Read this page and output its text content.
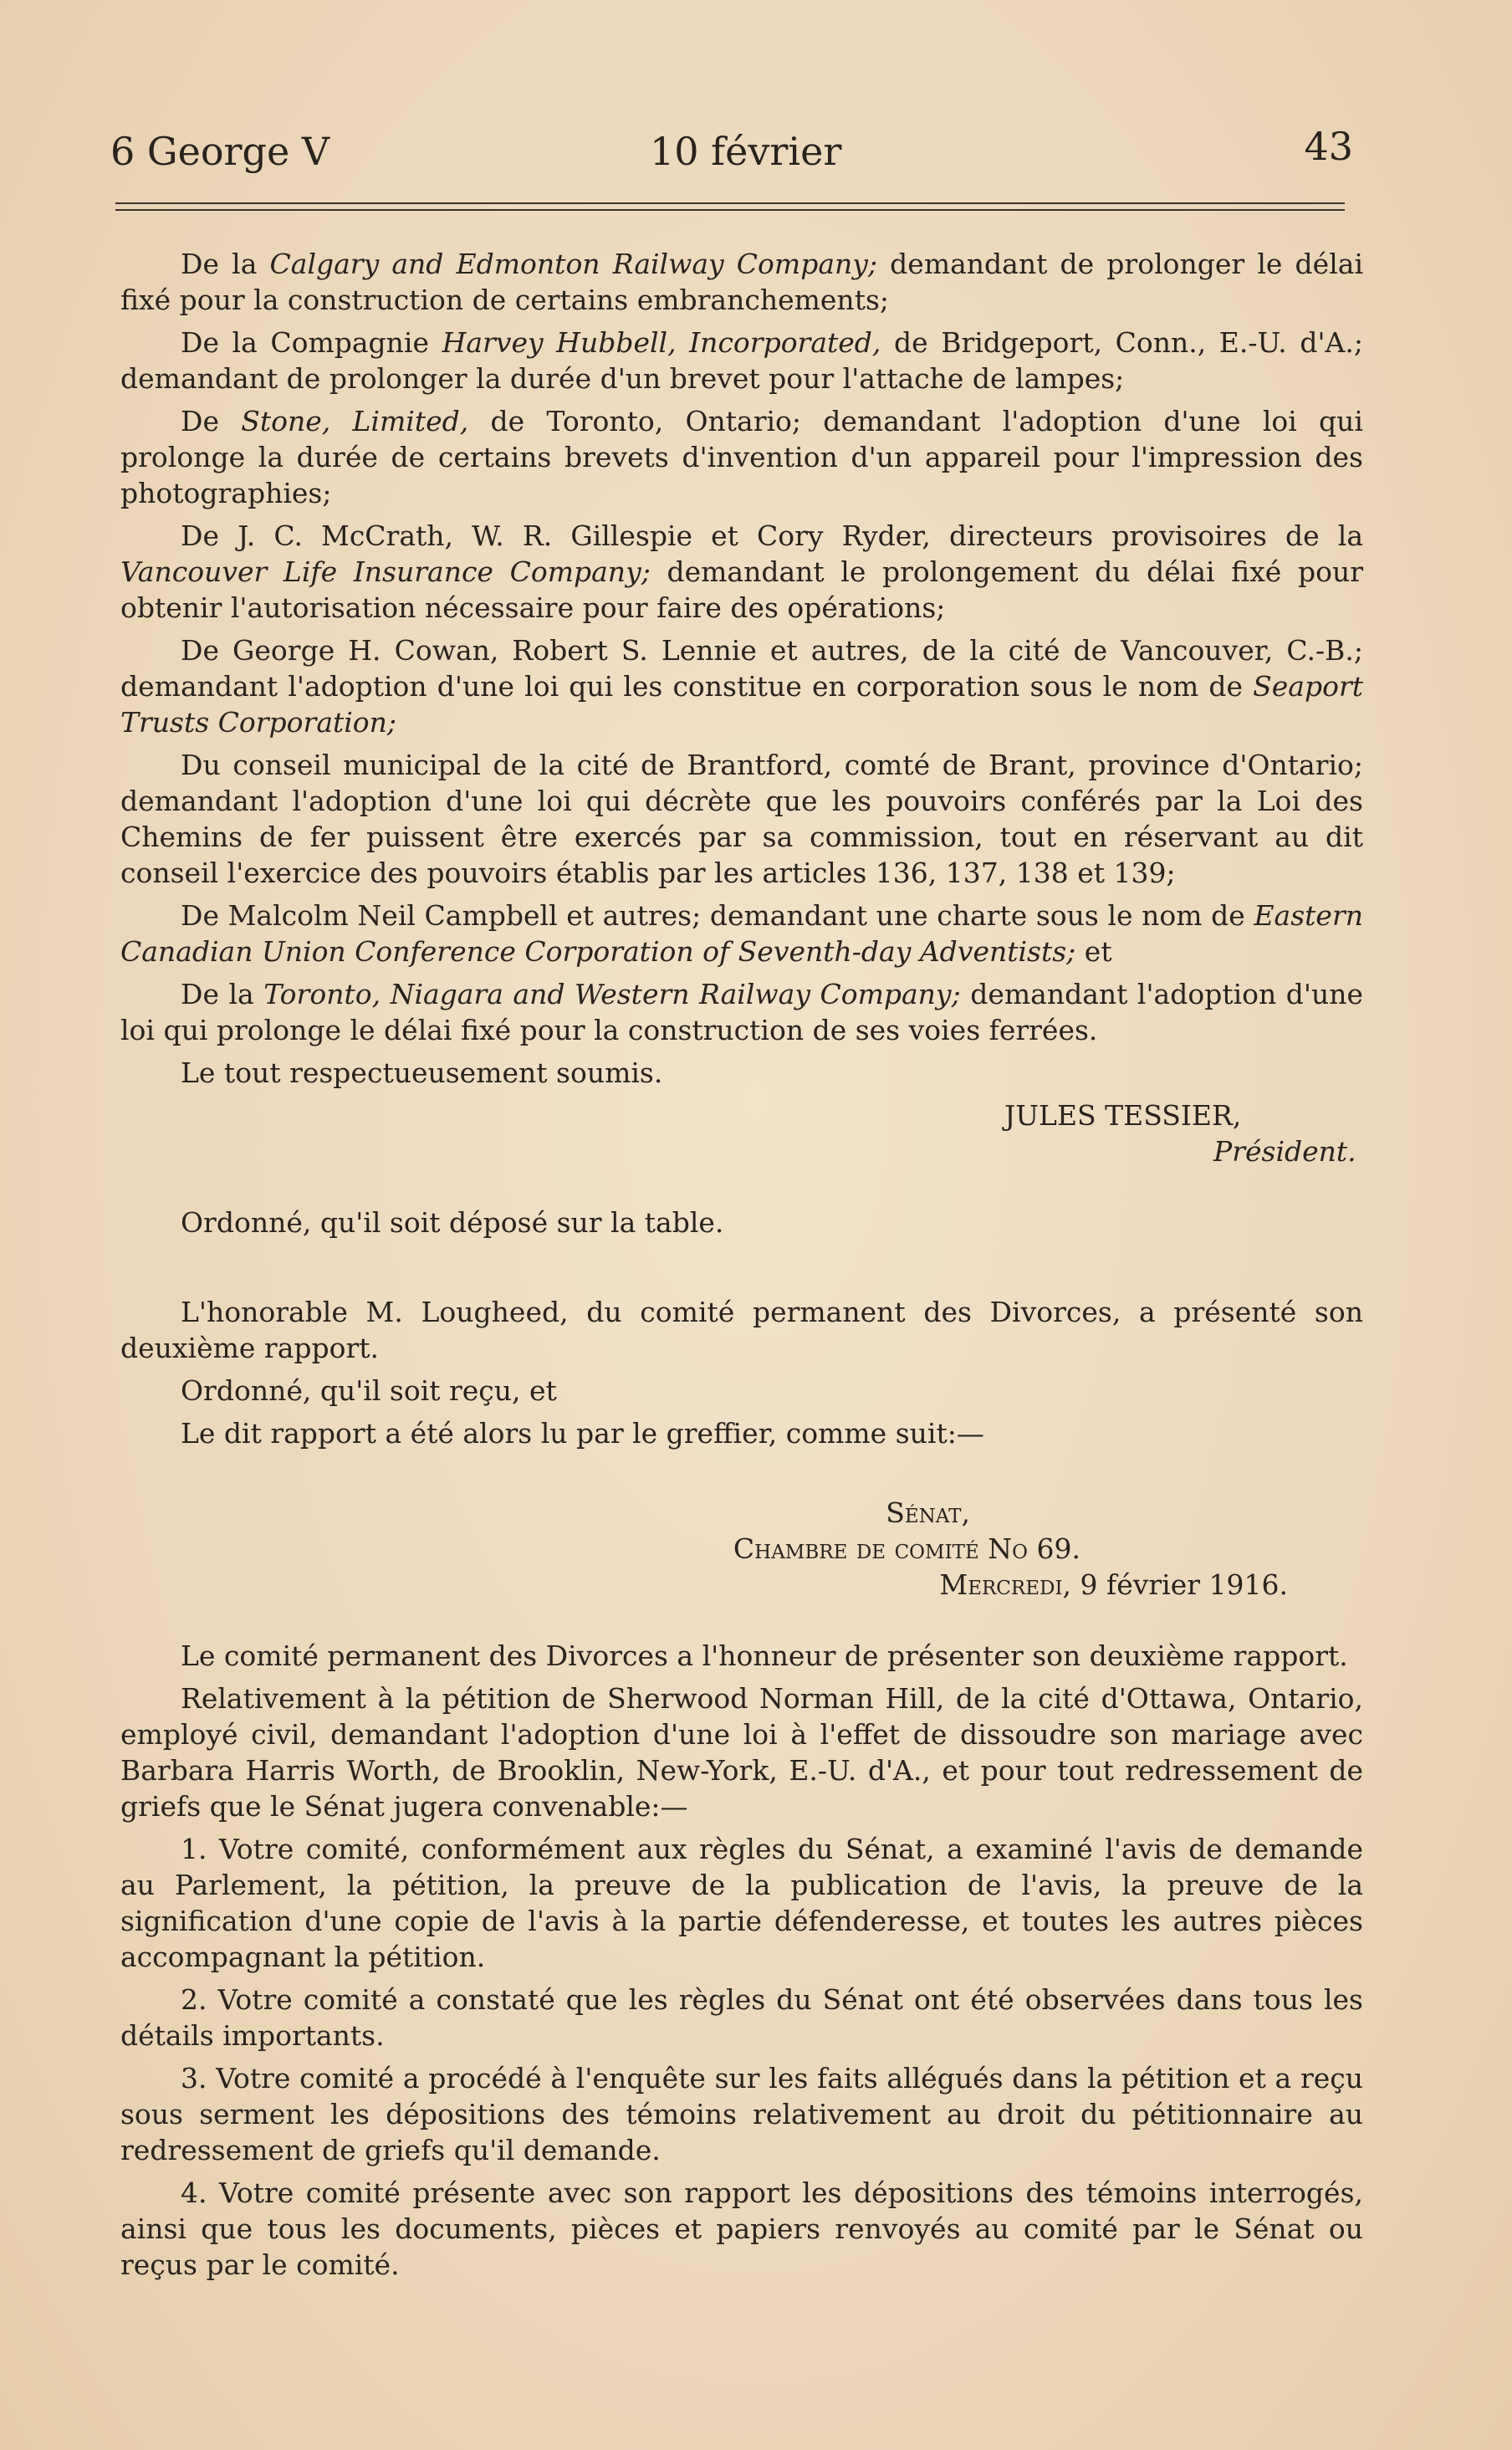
6 George V	10 février	43

De la Calgary and Edmonton Railway Company; demandant de prolonger le délai fixé pour la construction de certains embranchements;

De la Compagnie Harvey Hubbell, Incorporated, de Bridgeport, Conn., E.-U. d'A.; demandant de prolonger la durée d'un brevet pour l'attache de lampes;

De Stone, Limited, de Toronto, Ontario; demandant l'adoption d'une loi qui prolonge la durée de certains brevets d'invention d'un appareil pour l'impression des photographies;

De J. C. McCrath, W. R. Gillespie et Cory Ryder, directeurs provisoires de la Vancouver Life Insurance Company; demandant le prolongement du délai fixé pour obtenir l'autorisation nécessaire pour faire des opérations;

De George H. Cowan, Robert S. Lennie et autres, de la cité de Vancouver, C.-B.; demandant l'adoption d'une loi qui les constitue en corporation sous le nom de Seaport Trusts Corporation;

Du conseil municipal de la cité de Brantford, comté de Brant, province d'Ontario; demandant l'adoption d'une loi qui décrète que les pouvoirs conférés par la Loi des Chemins de fer puissent être exercés par sa commission, tout en réservant au dit conseil l'exercice des pouvoirs établis par les articles 136, 137, 138 et 139;

De Malcolm Neil Campbell et autres; demandant une charte sous le nom de Eastern Canadian Union Conference Corporation of Seventh-day Adventists; et

De la Toronto, Niagara and Western Railway Company; demandant l'adoption d'une loi qui prolonge le délai fixé pour la construction de ses voies ferrées.

Le tout respectueusement soumis.

JULES TESSIER,
Président.

Ordonné, qu'il soit déposé sur la table.

L'honorable M. Lougheed, du comité permanent des Divorces, a présenté son deuxième rapport.

Ordonné, qu'il soit reçu, et

Le dit rapport a été alors lu par le greffier, comme suit:—

Sénat,
Chambre de comité No 69.
Mercredi, 9 février 1916.

Le comité permanent des Divorces a l'honneur de présenter son deuxième rapport.

Relativement à la pétition de Sherwood Norman Hill, de la cité d'Ottawa, Ontario, employé civil, demandant l'adoption d'une loi à l'effet de dissoudre son mariage avec Barbara Harris Worth, de Brooklin, New-York, E.-U. d'A., et pour tout redressement de griefs que le Sénat jugera convenable:—

1. Votre comité, conformément aux règles du Sénat, a examiné l'avis de demande au Parlement, la pétition, la preuve de la publication de l'avis, la preuve de la signification d'une copie de l'avis à la partie défenderesse, et toutes les autres pièces accompagnant la pétition.

2. Votre comité a constaté que les règles du Sénat ont été observées dans tous les détails importants.

3. Votre comité a procédé à l'enquête sur les faits allégués dans la pétition et a reçu sous serment les dépositions des témoins relativement au droit du pétitionnaire au redressement de griefs qu'il demande.

4. Votre comité présente avec son rapport les dépositions des témoins interrogés, ainsi que tous les documents, pièces et papiers renvoyés au comité par le Sénat ou reçus par le comité.
